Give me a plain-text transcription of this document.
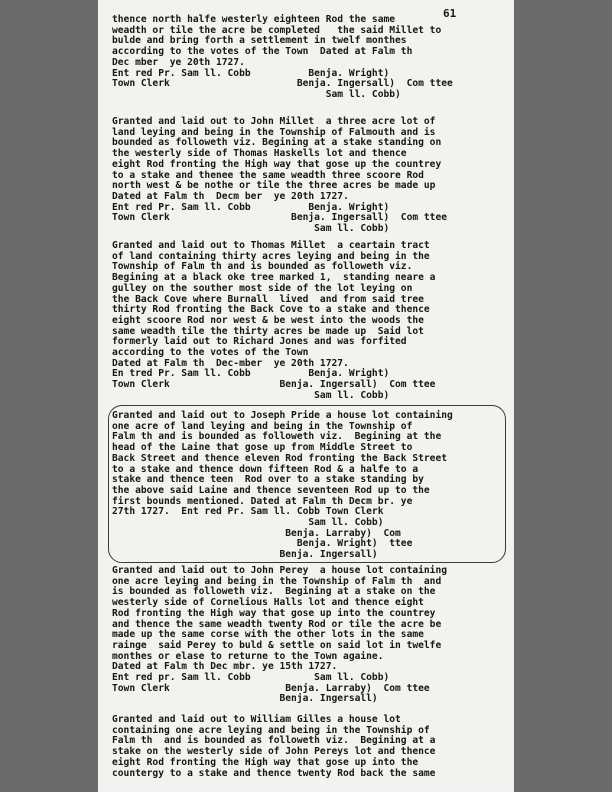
61
thence north halfe westerly eighteen Rod the same
weadth or tile the acre be completed   the said Millet to
bulde and bring forth a settlement in twelf monthes
according to the votes of the Town  Dated at Falm th
Dec mber  ye 20th 1727.
Ent red Pr. Sam ll. Cobb          Benja. Wright)
Town Clerk                      Benja. Ingersall)  Com ttee
Sam ll. Cobb)
Granted and laid out to John Millet  a three acre lot of
land leying and being in the Township of Falmouth and is
bounded as followeth viz. Begining at a stake standing on
the westerly side of Thomas Haskells lot and thence
eight Rod fronting the High way that gose up the countrey
to a stake and thenee the same weadth three scoore Rod
north west & be nothe or tile the three acres be made up
Dated at Falm th  Decm ber  ye 20th 1727.
Ent red Pr. Sam ll. Cobb          Benja. Wright)
Town Clerk                     Benja. Ingersall)  Com ttee
Sam ll. Cobb)
Granted and laid out to Thomas Millet  a ceartain tract
of land containing thirty acres leying and being in the
Township of Falm th and is bounded as followeth viz.
Begining at a black oke tree marked 1,  standing neare a
gulley on the souther most side of the lot leying on
the Back Cove where Burnall  lived  and from said tree
thirty Rod fronting the Back Cove to a stake and thence
eight scoore Rod nor west & be west into the woods the
same weadth tile the thirty acres be made up  Said lot
formerly laid out to Richard Jones and was forfited
according to the votes of the Town
Dated at Falm th  Dec-mber  ye 20th 1727.
En tred Pr. Sam ll. Cobb          Benja. Wright)
Town Clerk                   Benja. Ingersall)  Com ttee
Sam ll. Cobb)
Granted and laid out to Joseph Pride a house lot containing
one acre of land leying and being in the Township of
Falm th and is bounded as followeth viz.  Begining at the
head of the Laine that gose up from Middle Street to
Back Street and thence eleven Rod fronting the Back Street
to a stake and thence down fifteen Rod & a halfe to a
stake and thence teen  Rod over to a stake standing by
the above said Laine and thence seventeen Rod up to the
first bounds mentioned. Dated at Falm th Decm br. ye
27th 1727.  Ent red Pr. Sam ll. Cobb Town Clerk
Sam ll. Cobb)
Benja. Larraby)  Com
Benja. Wright)  ttee
Benja. Ingersall)
Granted and laid out to John Perey  a house lot containing
one acre leying and being in the Township of Falm th  and
is bounded as followeth viz.  Begining at a stake on the
westerly side of Cornelious Halls lot and thence eight
Rod fronting the High way that gose up into the countrey
and thence the same weadth twenty Rod or tile the acre be
made up the same corse with the other lots in the same
rainge  said Perey to buld & settle on said lot in twelfe
monthes or elase to returne to the Town againe.
Dated at Falm th Dec mbr. ye 15th 1727.
Ent red pr. Sam ll. Cobb           Sam ll. Cobb)
Town Clerk                    Benja. Larraby)  Com ttee
Benja. Ingersall)
Granted and laid out to William Gilles a house lot
containing one acre leying and being in the Township of
Falm th  and is bounded as followeth viz.  Begining at a
stake on the westerly side of John Pereys lot and thence
eight Rod fronting the High way that gose up into the
countergy to a stake and thence twenty Rod back the same
